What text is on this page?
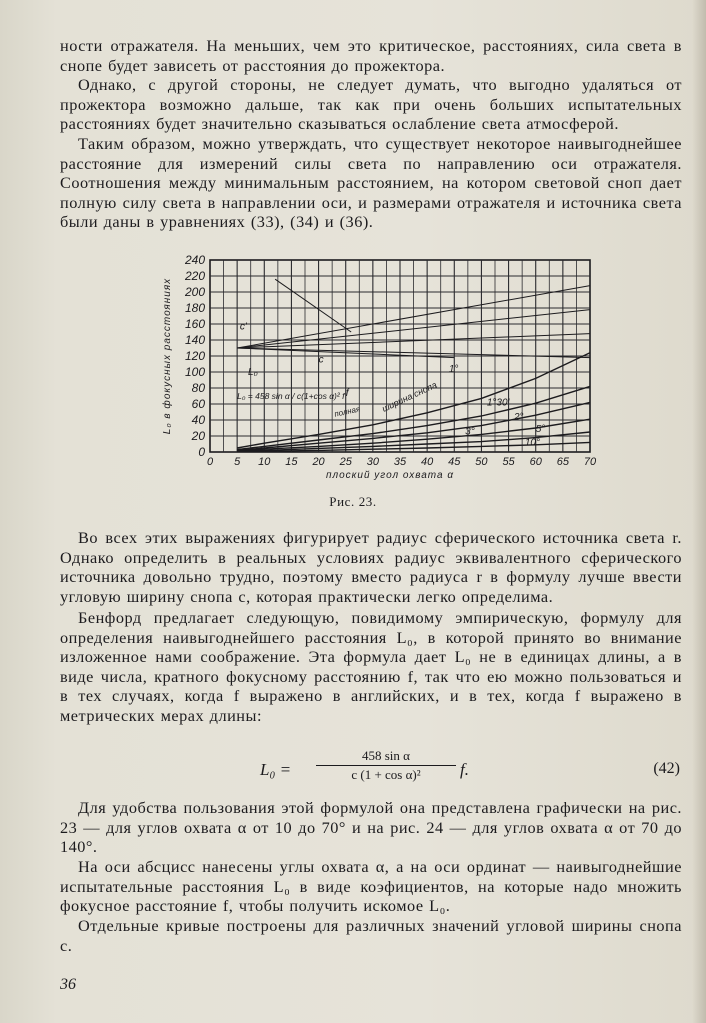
ности отражателя. На меньших, чем это критическое, расстояниях, сила света в снопе будет зависеть от расстояния до прожектора.

Однако, с другой стороны, не следует думать, что выгодно удаляться от прожектора возможно дальше, так как при очень больших испытательных расстояниях будет значительно сказываться ослабление света атмосферой.

Таким образом, можно утверждать, что существует некоторое наивыгоднейшее расстояние для измерений силы света по направлению оси отражателя. Соотношения между минимальным расстоянием, на котором световой сноп дает полную силу света в направлении оси, и размерами отражателя и источника света были даны в уравнениях (33), (34) и (36).

0 5 10 15 20 25 30 35 40 45 50 55 60 65 70
0
20
40
60
80
100
120
140
160
180
200
220
240
плоский угол охвата α
L₀ в фокусных расстояниях	L₀ = 458 sin α / c(1+cos α)² f
L₀
c
c'
f
полная ширина снопа
1°
1°30'
2°
3°	5°
10°
Рис. 23.

Во всех этих выражениях фигурирует радиус сферического источника света r. Однако определить в реальных условиях радиус эквивалентного сферического источника довольно трудно, поэтому вместо радиуса r в формулу лучше ввести угловую ширину снопа c, которая практически легко определима.

Бенфорд предлагает следующую, повидимому эмпирическую, формулу для определения наивыгоднейшего расстояния L₀, в которой принято во внимание изложенное нами соображение. Эта формула дает L₀ не в единицах длины, а в виде числа, кратного фокусному расстоянию f, так что ею можно пользоваться и в тех случаях, когда f выражено в английских, и в тех, когда f выражено в метрических мерах длины:

$L_0 = \frac{\text{458 sin α}}{\text{c (1 + cos α)²}} f$.	(42)

Для удобства пользования этой формулой она представлена графически на рис. 23 — для углов охвата α от 10 до 70° и на рис. 24 — для углов охвата α от 70 до 140°.

На оси абсцисс нанесены углы охвата α, а на оси ординат — наивыгоднейшие испытательные расстояния L₀ в виде коэфициентов, на которые надо множить фокусное расстояние f, чтобы получить искомое L₀.

Отдельные кривые построены для различных значений угловой ширины снопа c.

36
